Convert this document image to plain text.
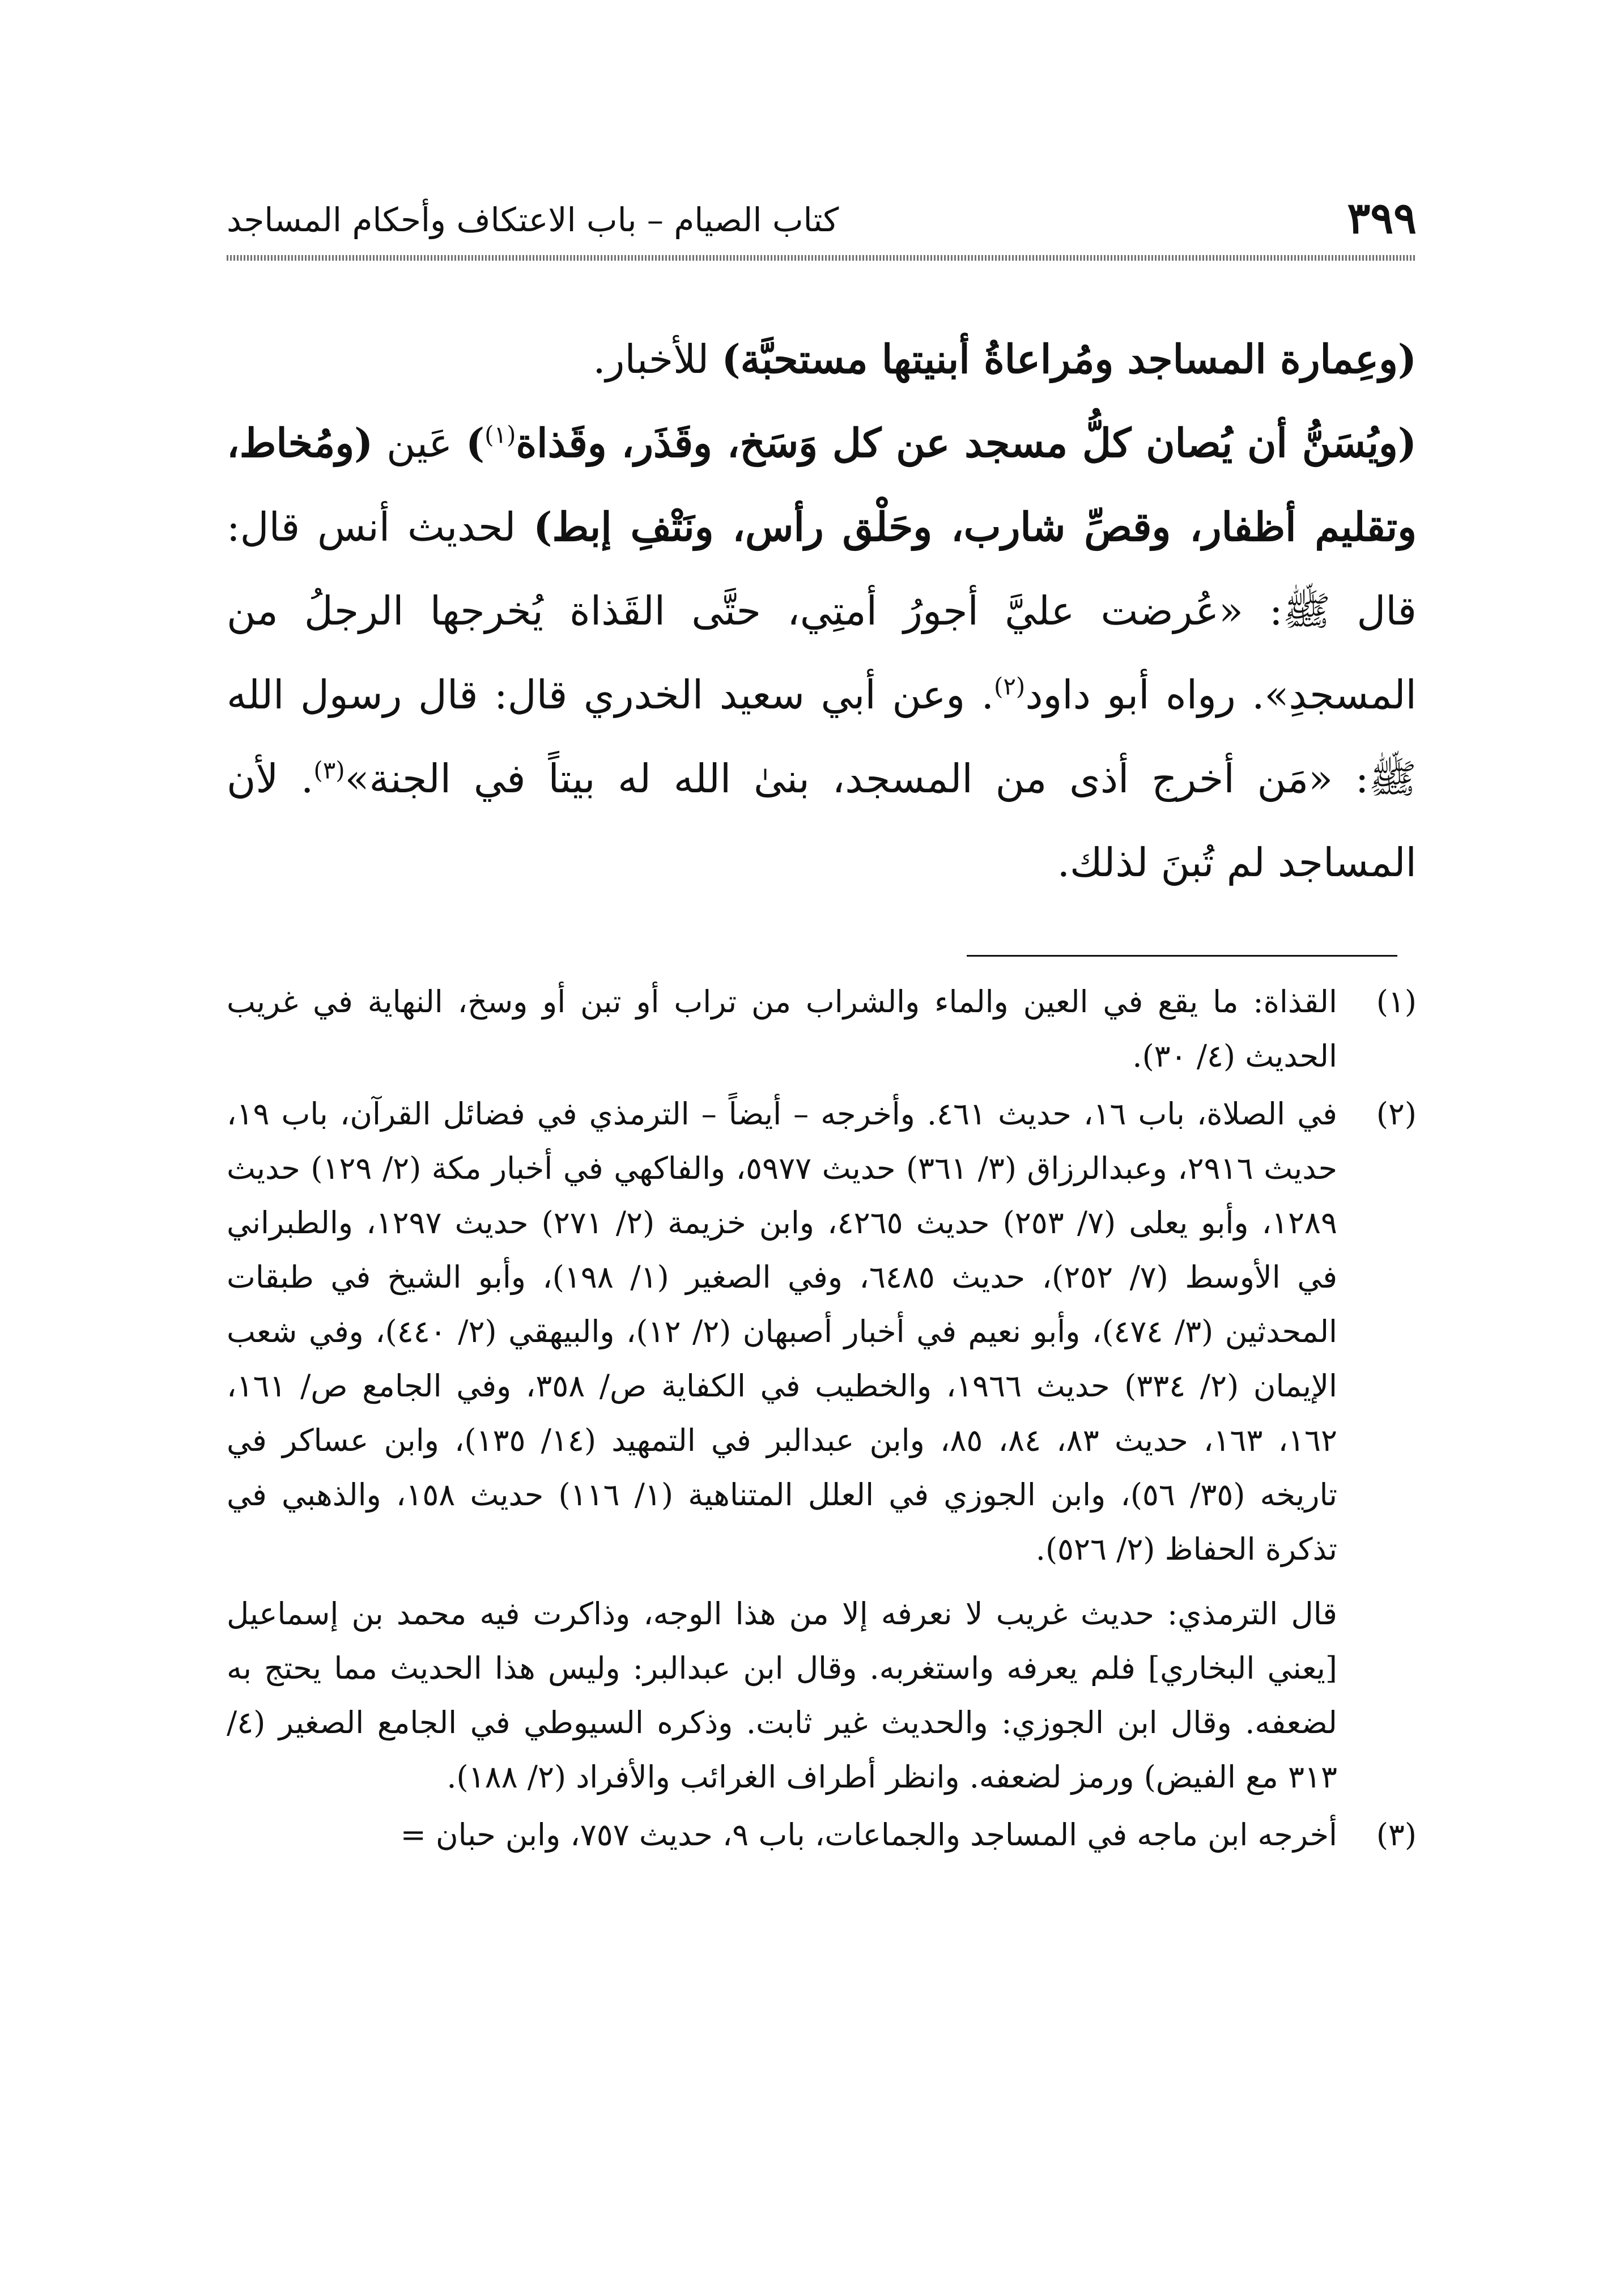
٣٩٩
كتاب الصيام – باب الاعتكاف وأحكام المساجد

(وعِمارة المساجد ومُراعاةُ أبنيتها مستحبَّة) للأخبار.

(ويُسَنُّ أن يُصان كلُّ مسجد عن كل وَسَخ، وقَذَر، وقَذاة$^{(١)}$) عَين (ومُخاط، وتقليم أظفار، وقصِّ شارب، وحَلْق رأس، ونَتْفِ إبط) لحديث أنس قال: قال ﷺ: «عُرضت عليَّ أجورُ أمتِي، حتَّى القَذاة يُخرجها الرجلُ من المسجدِ». رواه أبو داود$^{(٢)}$. وعن أبي سعيد الخدري قال: قال رسول الله ﷺ: «مَن أخرج أذى من المسجد، بنىٰ الله له بيتاً في الجنة»$^{(٣)}$. لأن المساجد لم تُبنَ لذلك.

(١)
القذاة: ما يقع في العين والماء والشراب من تراب أو تبن أو وسخ، النهاية في غريب الحديث (٤/ ٣٠).
(٢)
في الصلاة، باب ١٦، حديث ٤٦١. وأخرجه – أيضاً – الترمذي في فضائل القرآن، باب ١٩، حديث ٢٩١٦، وعبدالرزاق (٣/ ٣٦١) حديث ٥٩٧٧، والفاكهي في أخبار مكة (٢/ ١٢٩) حديث ١٢٨٩، وأبو يعلى (٧/ ٢٥٣) حديث ٤٢٦٥، وابن خزيمة (٢/ ٢٧١) حديث ١٢٩٧، والطبراني في الأوسط (٧/ ٢٥٢)، حديث ٦٤٨٥، وفي الصغير (١/ ١٩٨)، وأبو الشيخ في طبقات المحدثين (٣/ ٤٧٤)، وأبو نعيم في أخبار أصبهان (٢/ ١٢)، والبيهقي (٢/ ٤٤٠)، وفي شعب الإيمان (٢/ ٣٣٤) حديث ١٩٦٦، والخطيب في الكفاية ص/ ٣٥٨، وفي الجامع ص/ ١٦١، ١٦٢، ١٦٣، حديث ٨٣، ٨٤، ٨٥، وابن عبدالبر في التمهيد (١٤/ ١٣٥)، وابن عساكر في تاريخه (٣٥/ ٥٦)، وابن الجوزي في العلل المتناهية (١/ ١١٦) حديث ١٥٨، والذهبي في تذكرة الحفاظ (٢/ ٥٢٦).
قال الترمذي: حديث غريب لا نعرفه إلا من هذا الوجه، وذاكرت فيه محمد بن إسماعيل [يعني البخاري] فلم يعرفه واستغربه. وقال ابن عبدالبر: وليس هذا الحديث مما يحتج به لضعفه. وقال ابن الجوزي: والحديث غير ثابت. وذكره السيوطي في الجامع الصغير (٤/ ٣١٣ مع الفيض) ورمز لضعفه. وانظر أطراف الغرائب والأفراد (٢/ ١٨٨).
(٣)
أخرجه ابن ماجه في المساجد والجماعات، باب ٩، حديث ٧٥٧، وابن حبان =
